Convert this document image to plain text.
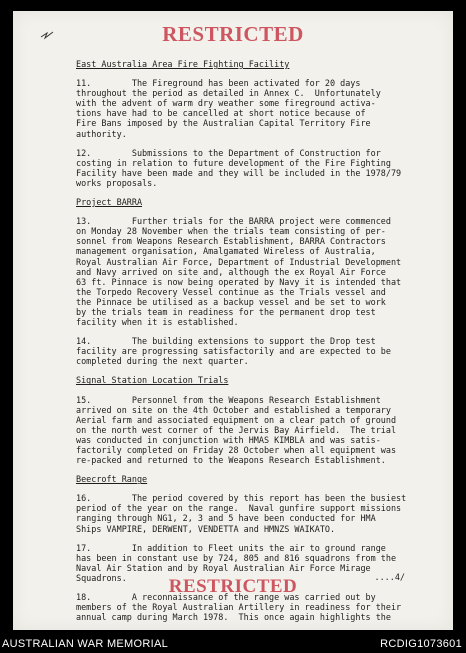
RESTRICTED
East Australia Area Fire Fighting Facility
11.        The Fireground has been activated for 20 days
throughout the period as detailed in Annex C.  Unfortunately
with the advent of warm dry weather some fireground activa-
tions have had to be cancelled at short notice because of
Fire Bans imposed by the Australian Capital Territory Fire
authority.
12.        Submissions to the Department of Construction for
costing in relation to future development of the Fire Fighting
Facility have been made and they will be included in the 1978/79
works proposals.
Project BARRA
13.        Further trials for the BARRA project were commenced
on Monday 28 November when the trials team consisting of per-
sonnel from Weapons Research Establishment, BARRA Contractors
management organisation, Amalgamated Wireless of Australia,
Royal Australian Air Force, Department of Industrial Development
and Navy arrived on site and, although the ex Royal Air Force
63 ft. Pinnace is now being operated by Navy it is intended that
the Torpedo Recovery Vessel continue as the Trials vessel and
the Pinnace be utilised as a backup vessel and be set to work
by the trials team in readiness for the permanent drop test
facility when it is established.
14.        The building extensions to support the Drop test
facility are progressing satisfactorily and are expected to be
completed during the next quarter.
Signal Station Location Trials
15.        Personnel from the Weapons Research Establishment
arrived on site on the 4th October and established a temporary
Aerial farm and associated equipment on a clear patch of ground
on the north west corner of the Jervis Bay Airfield.  The trial
was conducted in conjunction with HMAS KIMBLA and was satis-
factorily completed on Friday 28 October when all equipment was
re-packed and returned to the Weapons Research Establishment.
Beecroft Range
16.        The period covered by this report has been the busiest
period of the year on the range.  Naval gunfire support missions
ranging through NG1, 2, 3 and 5 have been conducted for HMA
Ships VAMPIRE, DERWENT, VENDETTA and HMNZS WAIKATO.
17.        In addition to Fleet units the air to ground range
has been in constant use by 724, 805 and 816 squadrons from the
Naval Air Station and by Royal Australian Air Force Mirage
Squadrons.
18.        A reconnaissance of the range was carried out by
members of the Royal Australian Artillery in readiness for their
annual camp during March 1978.  This once again highlights the
....4/
RESTRICTED
AUSTRALIAN WAR MEMORIAL	RCDIG1073601
